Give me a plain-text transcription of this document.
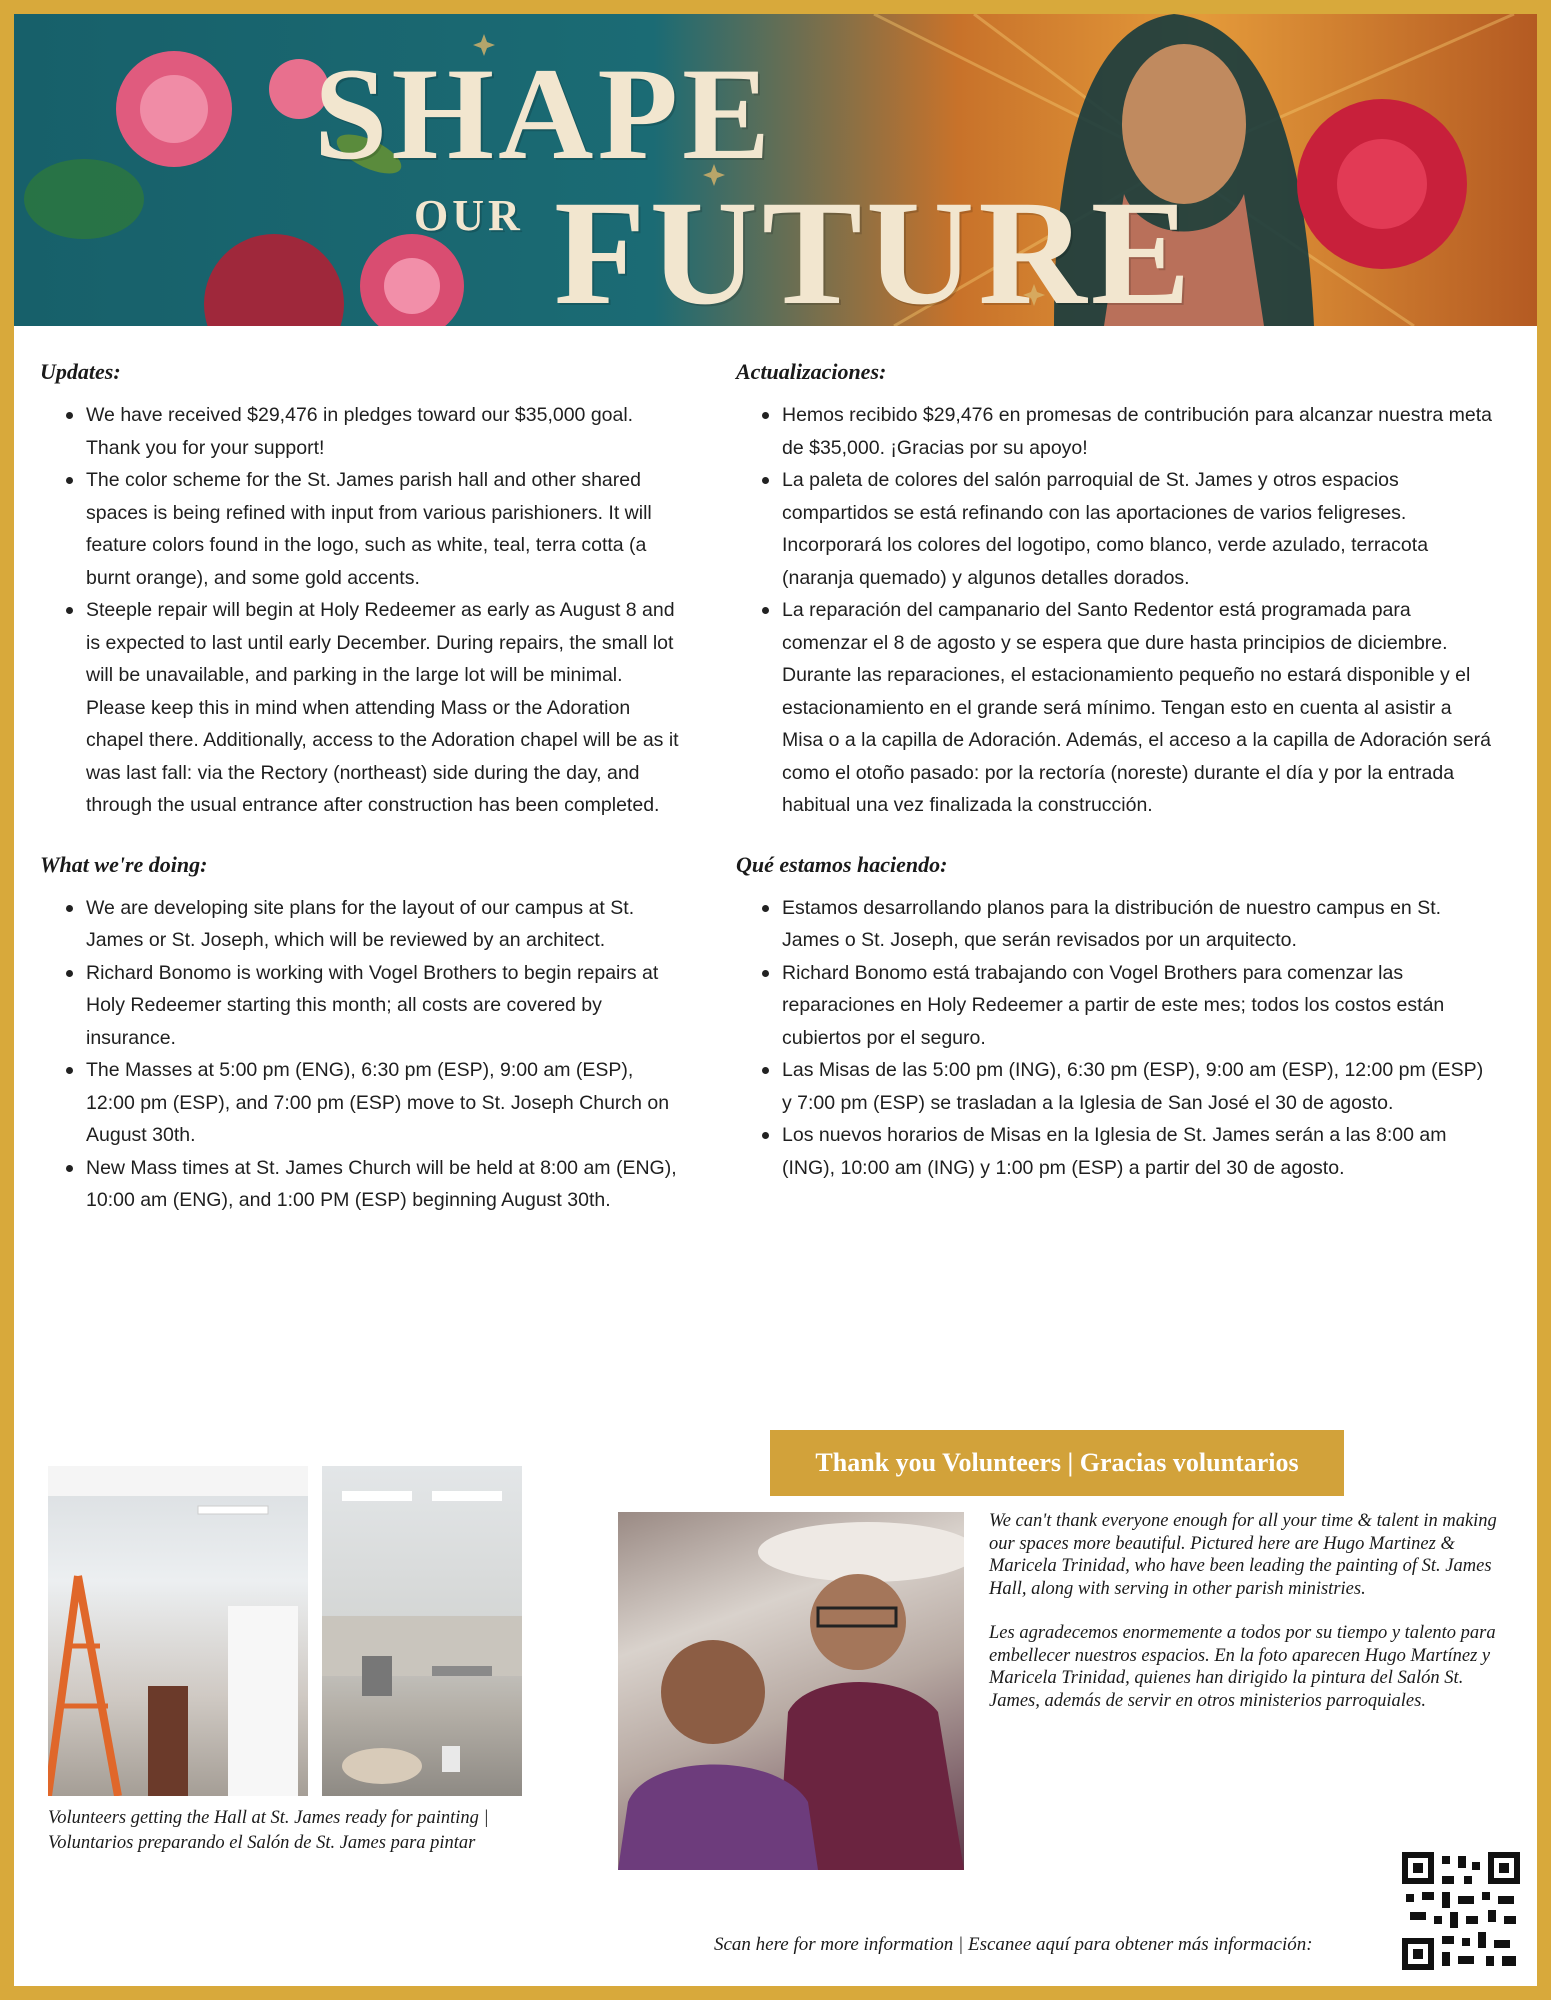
SHAPE
OUR FUTURE
Updates:
We have received $29,476 in pledges toward our $35,000 goal. Thank you for your support!
The color scheme for the St. James parish hall and other shared spaces is being refined with input from various parishioners. It will feature colors found in the logo, such as white, teal, terra cotta (a burnt orange), and some gold accents.
Steeple repair will begin at Holy Redeemer as early as August 8 and is expected to last until early December. During repairs, the small lot will be unavailable, and parking in the large lot will be minimal. Please keep this in mind when attending Mass or the Adoration chapel there. Additionally, access to the Adoration chapel will be as it was last fall: via the Rectory (northeast) side during the day, and through the usual entrance after construction has been completed.
What we're doing:
We are developing site plans for the layout of our campus at St. James or St. Joseph, which will be reviewed by an architect.
Richard Bonomo is working with Vogel Brothers to begin repairs at Holy Redeemer starting this month; all costs are covered by insurance.
The Masses at 5:00 pm (ENG), 6:30 pm (ESP), 9:00 am (ESP), 12:00 pm (ESP), and 7:00 pm (ESP) move to St. Joseph Church on August 30th.
New Mass times at St. James Church will be held at 8:00 am (ENG), 10:00 am (ENG), and 1:00 PM (ESP) beginning August 30th.
Actualizaciones:
Hemos recibido $29,476 en promesas de contribución para alcanzar nuestra meta de $35,000. ¡Gracias por su apoyo!
La paleta de colores del salón parroquial de St. James y otros espacios compartidos se está refinando con las aportaciones de varios feligreses. Incorporará los colores del logotipo, como blanco, verde azulado, terracota (naranja quemado) y algunos detalles dorados.
La reparación del campanario del Santo Redentor está programada para comenzar el 8 de agosto y se espera que dure hasta principios de diciembre. Durante las reparaciones, el estacionamiento pequeño no estará disponible y el estacionamiento en el grande será mínimo. Tengan esto en cuenta al asistir a Misa o a la capilla de Adoración. Además, el acceso a la capilla de Adoración será como el otoño pasado: por la rectoría (noreste) durante el día y por la entrada habitual una vez finalizada la construcción.
Qué estamos haciendo:
Estamos desarrollando planos para la distribución de nuestro campus en St. James o St. Joseph, que serán revisados por un arquitecto.
Richard Bonomo está trabajando con Vogel Brothers para comenzar las reparaciones en Holy Redeemer a partir de este mes; todos los costos están cubiertos por el seguro.
Las Misas de las 5:00 pm (ING), 6:30 pm (ESP), 9:00 am (ESP), 12:00 pm (ESP) y 7:00 pm (ESP) se trasladan a la Iglesia de San José el 30 de agosto.
Los nuevos horarios de Misas en la Iglesia de St. James serán a las 8:00 am (ING), 10:00 am (ING) y 1:00 pm (ESP) a partir del 30 de agosto.
Thank you Volunteers | Gracias voluntarios
Volunteers getting the Hall at St. James ready for painting | Voluntarios preparando el Salón de St. James para pintar

We can't thank everyone enough for all your time & talent in making our spaces more beautiful. Pictured here are Hugo Martinez & Maricela Trinidad, who have been leading the painting of St. James Hall, along with serving in other parish ministries.

Les agradecemos enormemente a todos por su tiempo y talento para embellecer nuestros espacios. En la foto aparecen Hugo Martínez y Maricela Trinidad, quienes han dirigido la pintura del Salón St. James, además de servir en otros ministerios parroquiales.

Scan here for more information | Escanee aquí para obtener más información:
